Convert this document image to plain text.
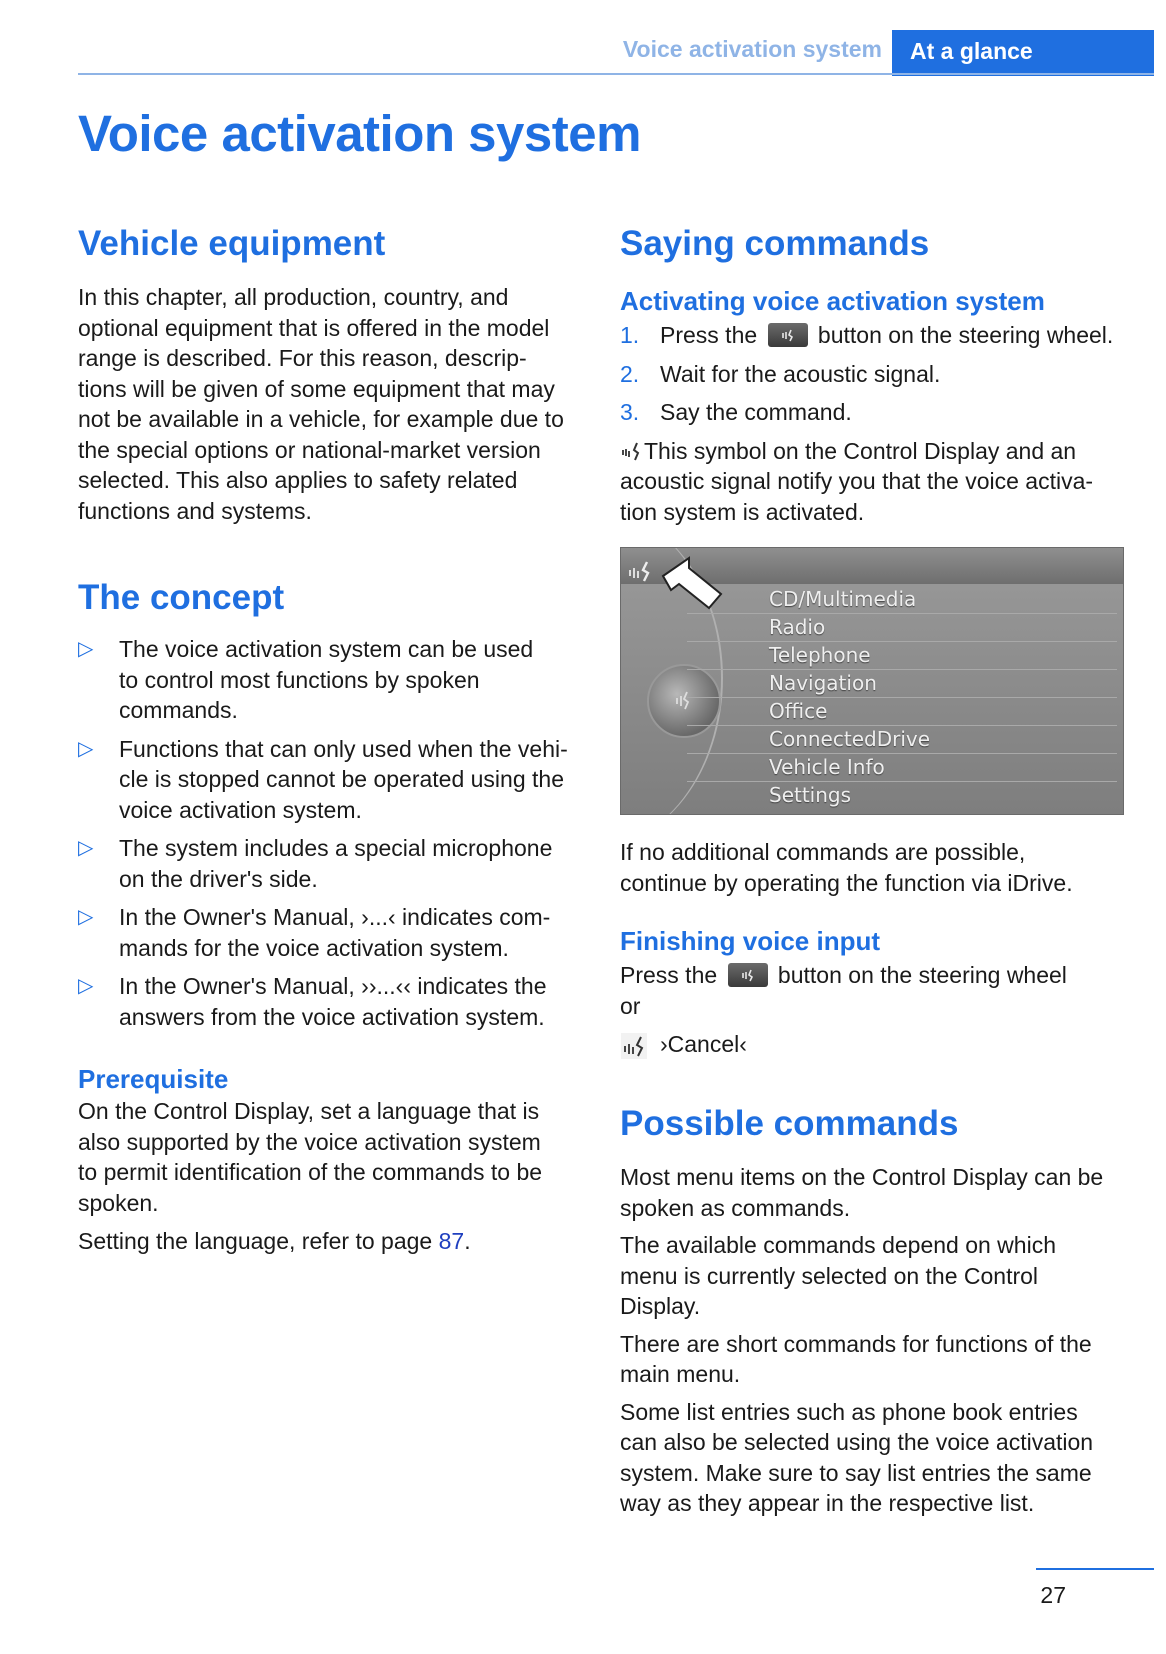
Voice activation system	At a glance
Voice activation system
Vehicle equipment

In this chapter, all production, country, and
optional equipment that is offered in the model
range is described. For this reason, descrip-
tions will be given of some equipment that may
not be available in a vehicle, for example due to
the special options or national-market version
selected. This also applies to safety related
functions and systems.

The concept
▷ The voice activation system can be used
to control most functions by spoken
commands.
▷ Functions that can only used when the vehi-
cle is stopped cannot be operated using the
voice activation system.
▷ The system includes a special microphone
on the driver's side.
▷ In the Owner's Manual, ›...‹ indicates com-
mands for the voice activation system.
▷ In the Owner's Manual, ››...‹‹ indicates the
answers from the voice activation system.
Prerequisite

On the Control Display, set a language that is
also supported by the voice activation system
to permit identification of the commands to be
spoken.

Setting the language, refer to page 87.

Saying commands
Activating voice activation system
1. Press the
button on the steering wheel.
2. Wait for the acoustic signal.
3. Say the command.

This symbol on the Control Display and an
acoustic signal notify you that the voice activa-
tion system is activated.

CD/Multimedia
Radio
Telephone
Navigation
Office
ConnectedDrive
Vehicle Info
Settings

If no additional commands are possible,
continue by operating the function via iDrive.

Finishing voice input

Press the
button on the steering wheel
or

›Cancel‹

Possible commands

Most menu items on the Control Display can be
spoken as commands.

The available commands depend on which
menu is currently selected on the Control
Display.

There are short commands for functions of the
main menu.

Some list entries such as phone book entries
can also be selected using the voice activation
system. Make sure to say list entries the same
way as they appear in the respective list.

27
